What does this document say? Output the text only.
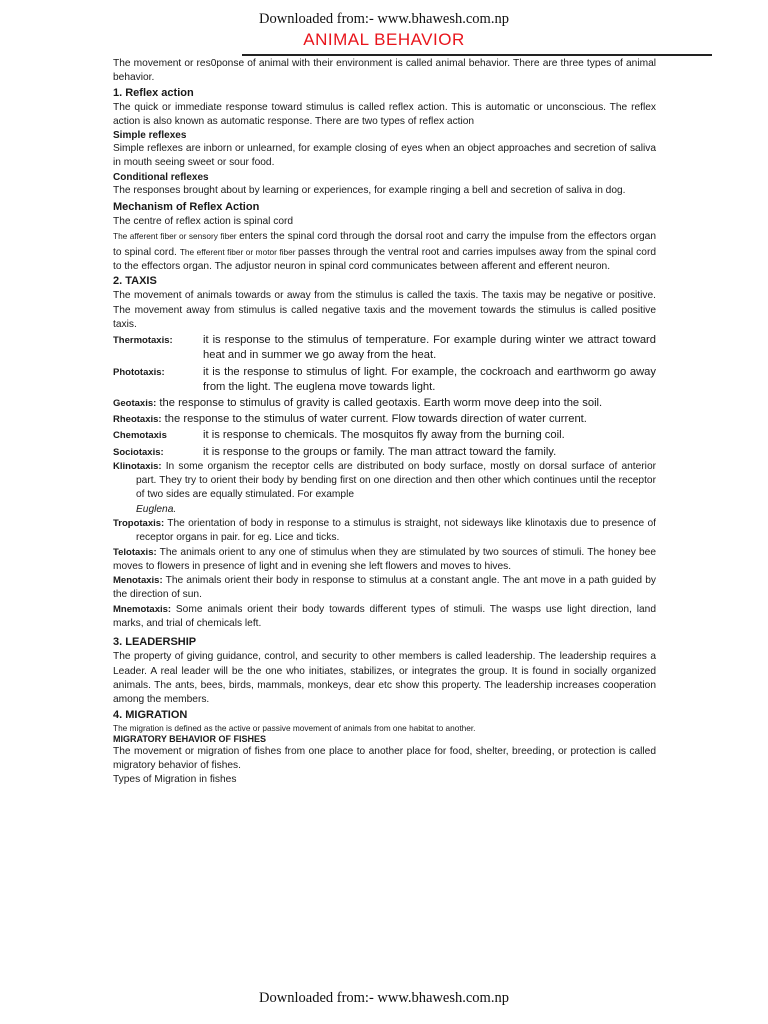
Downloaded from:- www.bhawesh.com.np
ANIMAL BEHAVIOR

The movement or res0ponse of animal with their environment is called animal behavior. There are three types of animal behavior.

1. Reflex action

The quick or immediate response toward stimulus is called reflex action. This is automatic or unconscious. The reflex action is also known as automatic response. There are two types of reflex action

Simple reflexes

Simple reflexes are inborn or unlearned, for example closing of eyes when an object approaches and secretion of saliva in mouth seeing sweet or sour food.

Conditional reflexes

The responses brought about by learning or experiences, for example ringing a bell and secretion of saliva in dog.

Mechanism of Reflex Action

The centre of reflex action is spinal cord

The afferent fiber or sensory fiber enters the spinal cord through the dorsal root and carry the impulse from the effectors organ to spinal cord. The efferent fiber or motor fiber passes through the ventral root and carries impulses away from the spinal cord to the effectors organ. The adjustor neuron in spinal cord communicates between afferent and efferent neuron.

2. TAXIS

The movement of animals towards or away from the stimulus is called the taxis. The taxis may be negative or positive. The movement away from stimulus is called negative taxis and the movement towards the stimulus is called positive taxis.

Thermotaxis:	it is response to the stimulus of temperature. For example during winter we attract toward heat and in summer we go away from the heat.
Phototaxis:	it is the response to stimulus of light. For example, the cockroach and earthworm go away from the light. The euglena move towards light.

Geotaxis: the response to stimulus of gravity is called geotaxis. Earth worm move deep into the soil.

Rheotaxis: the response to the stimulus of water current. Flow towards direction of water current.

Chemotaxis	it is response to chemicals. The mosquitos fly away from the burning coil.
Sociotaxis:	it is response to the groups or family. The man attract toward the family.

Klinotaxis: In some organism the receptor cells are distributed on body surface, mostly on dorsal surface of anterior part. They try to orient their body by bending first on one direction and then other which continues until the receptor of two sides are equally stimulated. For example
Euglena.

Tropotaxis: The orientation of body in response to a stimulus is straight, not sideways like klinotaxis due to presence of receptor organs in pair. for eg. Lice and ticks.

Telotaxis: The animals orient to any one of stimulus when they are stimulated by two sources of stimuli. The honey bee moves to flowers in presence of light and in evening she left flowers and moves to hives.

Menotaxis: The animals orient their body in response to stimulus at a constant angle. The ant move in a path guided by the direction of sun.

Mnemotaxis: Some animals orient their body towards different types of stimuli. The wasps use light direction, land marks, and trial of chemicals left.

3. LEADERSHIP

The property of giving guidance, control, and security to other members is called leadership. The leadership requires a Leader. A real leader will be the one who initiates, stabilizes, or integrates the group. It is found in socially organized animals. The ants, bees, birds, mammals, monkeys, dear etc show this property. The leadership increases cooperation among the members.

4. MIGRATION

The migration is defined as the active or passive movement of animals from one habitat to another.

MIGRATORY BEHAVIOR OF FISHES

The movement or migration of fishes from one place to another place for food, shelter, breeding, or protection is called migratory behavior of fishes.

Types of Migration in fishes

Downloaded from:- www.bhawesh.com.np
